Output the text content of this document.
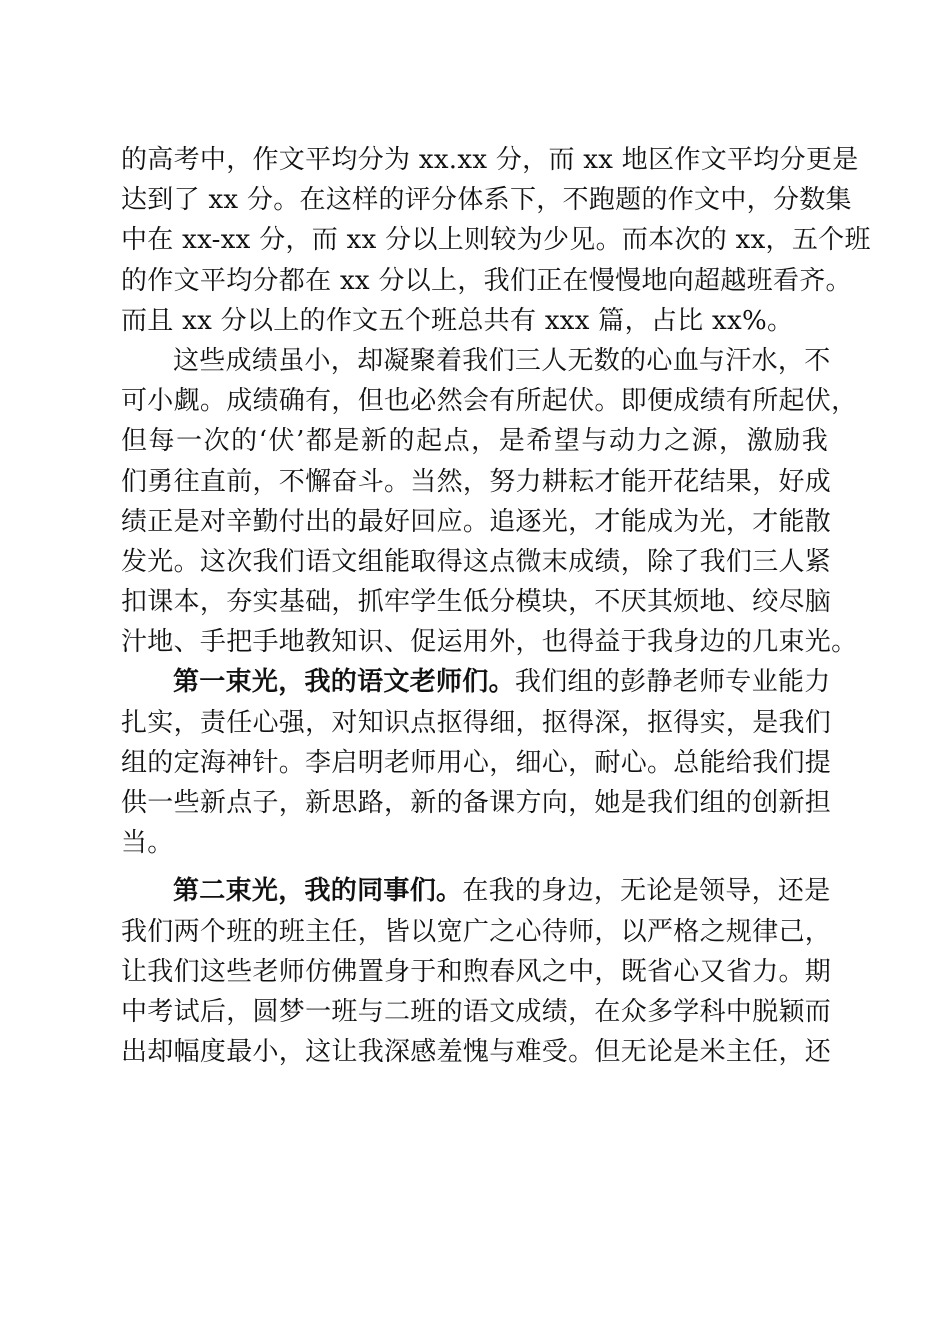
的高考中，作文平均分为 xx.xx 分，而 xx 地区作文平均分更是
达到了 xx 分。在这样的评分体系下，不跑题的作文中，分数集
中在 xx-xx 分，而 xx 分以上则较为少见。而本次的 xx，五个班
的作文平均分都在 xx 分以上，我们正在慢慢地向超越班看齐。
而且 xx 分以上的作文五个班总共有 xxx 篇，占比 xx%。
这些成绩虽小，却凝聚着我们三人无数的心血与汗水，不
可小觑。成绩确有，但也必然会有所起伏。即便成绩有所起伏，
但每一次的‘伏’都是新的起点，是希望与动力之源，激励我
们勇往直前，不懈奋斗。当然，努力耕耘才能开花结果，好成
绩正是对辛勤付出的最好回应。追逐光，才能成为光，才能散
发光。这次我们语文组能取得这点微末成绩，除了我们三人紧
扣课本，夯实基础，抓牢学生低分模块，不厌其烦地、绞尽脑
汁地、手把手地教知识、促运用外，也得益于我身边的几束光。
第一束光，我的语文老师们。我们组的彭静老师专业能力
扎实，责任心强，对知识点抠得细，抠得深，抠得实，是我们
组的定海神针。李启明老师用心，细心，耐心。总能给我们提
供一些新点子，新思路，新的备课方向，她是我们组的创新担
当。
第二束光，我的同事们。在我的身边，无论是领导，还是
我们两个班的班主任，皆以宽广之心待师，以严格之规律己，
让我们这些老师仿佛置身于和煦春风之中，既省心又省力。期
中考试后，圆梦一班与二班的语文成绩，在众多学科中脱颖而
出却幅度最小，这让我深感羞愧与难受。但无论是米主任，还
